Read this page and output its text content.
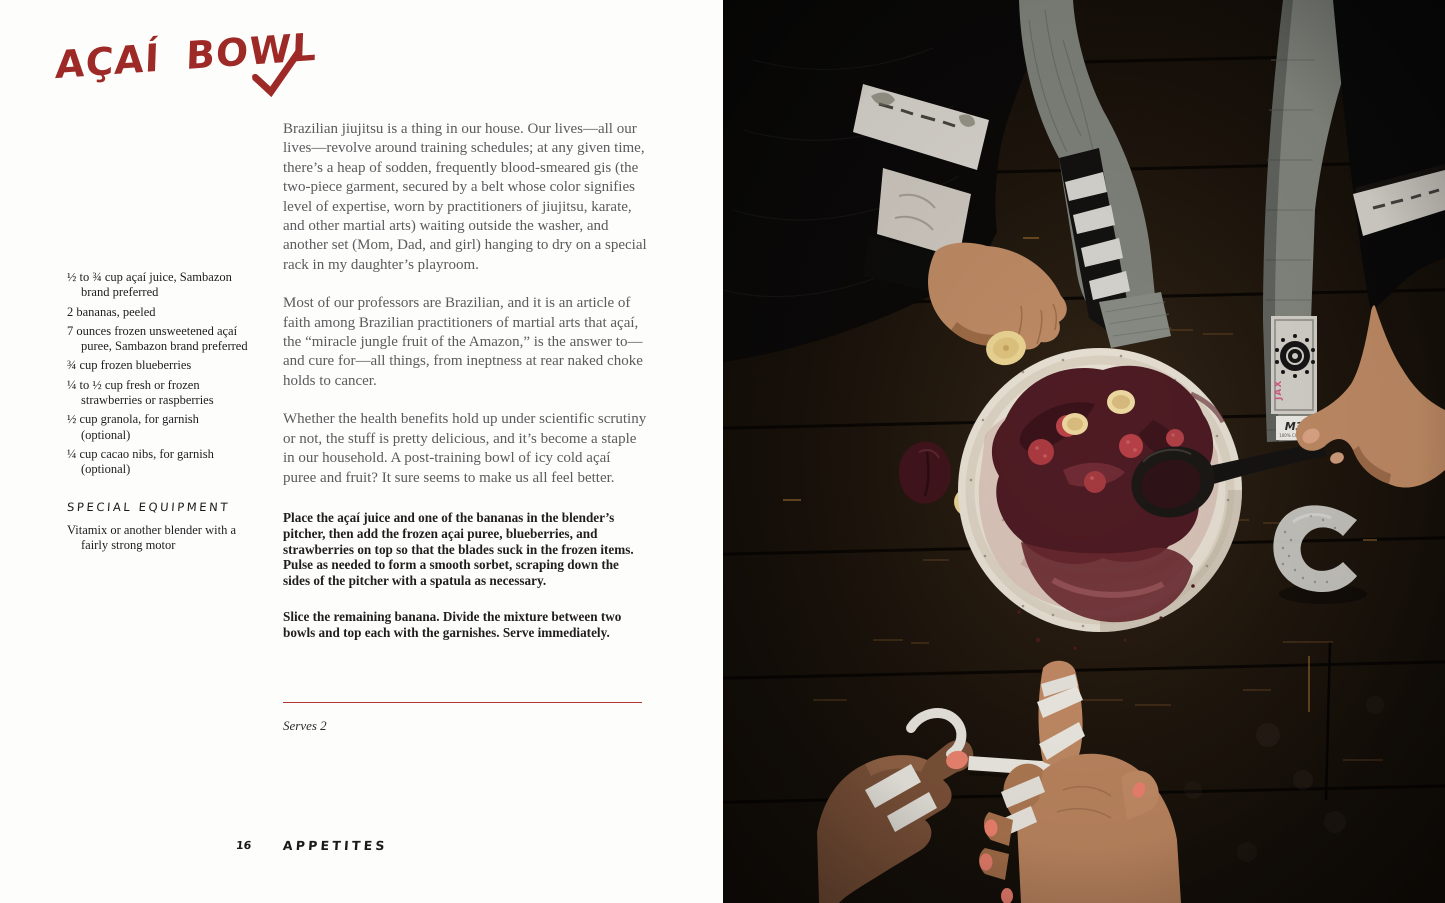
AÇAÍ BOWL

½ to ¾ cup açaí juice, Sambazon brand preferred

2 bananas, peeled

7 ounces frozen unsweetened açaí puree, Sambazon brand preferred

¾ cup frozen blueberries

¼ to ½ cup fresh or frozen strawberries or raspberries

½ cup granola, for garnish (optional)

¼ cup cacao nibs, for garnish (optional)

SPECIAL EQUIPMENT

Vitamix or another blender with a fairly strong motor

Brazilian jiujitsu is a thing in our house. Our lives—all our lives—revolve around training schedules; at any given time, there’s a heap of sodden, frequently blood-smeared gis (the two-piece garment, secured by a belt whose color signifies level of expertise, worn by practitioners of jiujitsu, karate, and other martial arts) waiting outside the washer, and another set (Mom, Dad, and girl) hanging to dry on a special rack in my daughter’s playroom.

Most of our professors are Brazilian, and it is an article of faith among Brazilian practitioners of martial arts that açaí, the “miracle jungle fruit of the Amazon,” is the answer to—and cure for—all things, from ineptness at rear naked choke holds to cancer.

Whether the health benefits hold up under scientific scrutiny or not, the stuff is pretty delicious, and it’s become a staple in our household. A post-training bowl of icy cold açaí puree and fruit? It sure seems to make us all feel better.

Place the açaí juice and one of the bananas in the blender’s pitcher, then add the frozen açai puree, blueberries, and strawberries on top so that the blades suck in the frozen items. Pulse as needed to form a smooth sorbet, scraping down the sides of the pitcher with a spatula as necessary.

Slice the remaining banana. Divide the mixture between two bowls and top each with the garnishes. Serve immediately.

Serves 2
16 APPETITES
